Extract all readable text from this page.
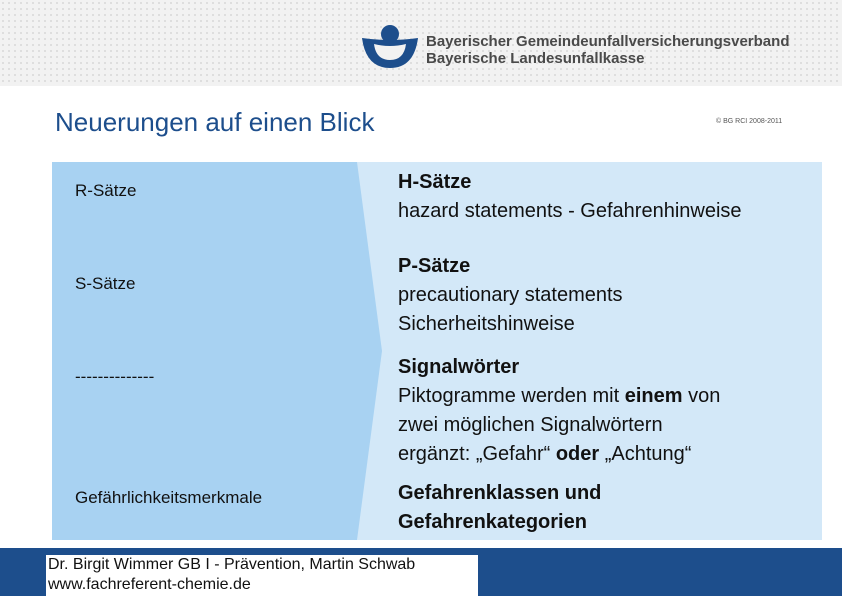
Bayerischer Gemeindeunfallversicherungsverband
Bayerische Landesunfallkasse
Neuerungen auf einen Blick	© BG RCI 2008-2011
R-Sätze
S-Sätze
--------------
Gefährlichkeitsmerkmale
H-Sätze
hazard statements - Gefahrenhinweise
P-Sätze
precautionary statements
Sicherheitshinweise
Signalwörter
Piktogramme werden mit einem von
zwei möglichen Signalwörtern
ergänzt: „Gefahr“ oder „Achtung“
Gefahrenklassen und
Gefahrenkategorien
Dr. Birgit Wimmer GB I - Prävention, Martin Schwab
www.fachreferent-chemie.de
